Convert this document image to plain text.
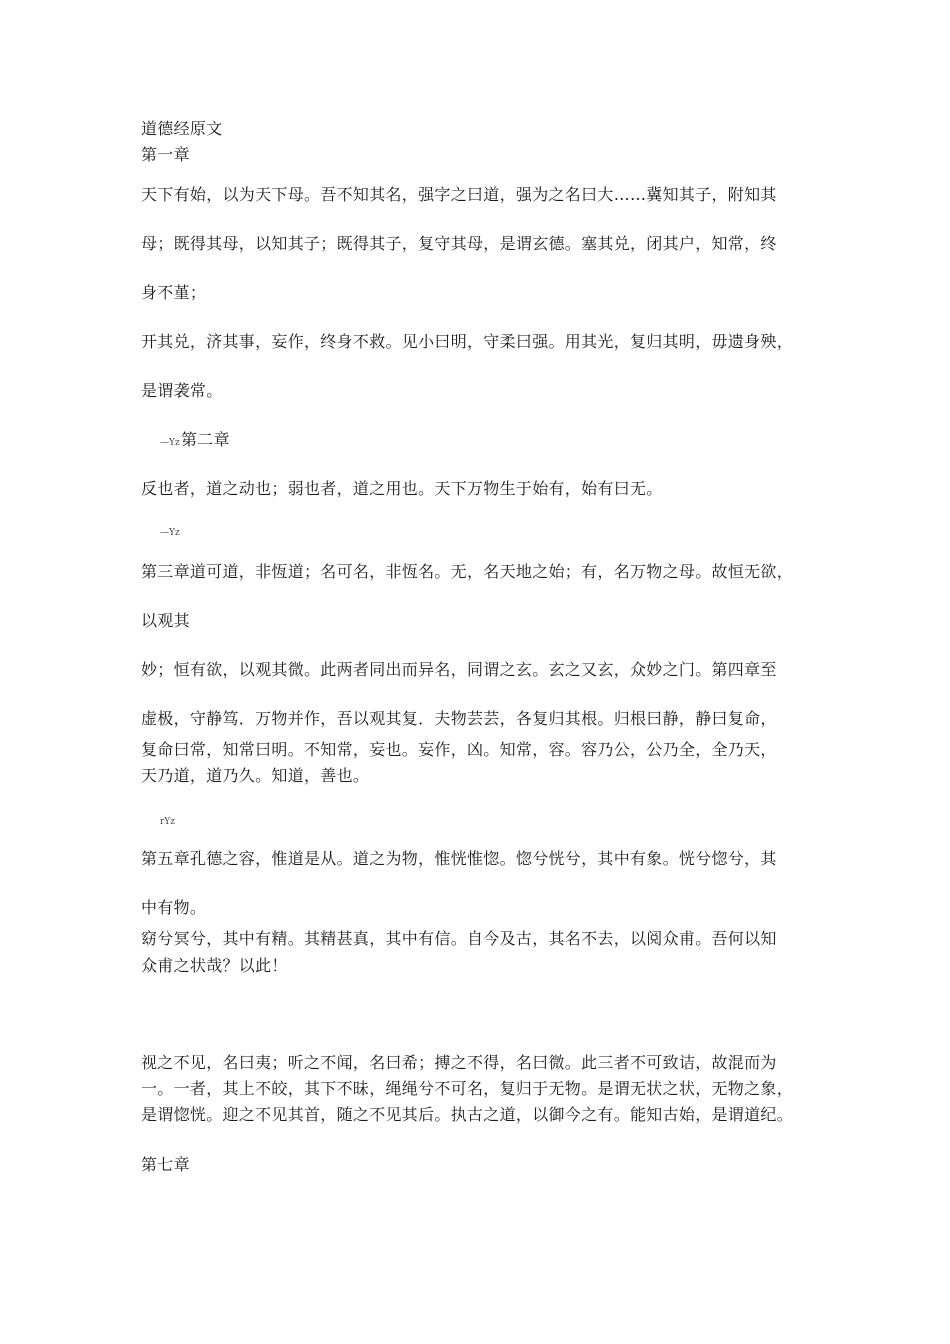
道德经原文
第一章
天下有始，以为天下母。吾不知其名，强字之曰道，强为之名曰大……冀知其子，附知其
母；既得其母，以知其子；既得其子，复守其母，是谓玄德。塞其兑，闭其户，知常，终
身不堇；
开其兑，济其事，妄作，终身不救。见小曰明，守柔曰强。用其光，复归其明，毋遗身殃，
是谓袭常。
—Yz 第二章
反也者，道之动也；弱也者，道之用也。天下万物生于始有，始有曰无。
—Yz
第三章道可道，非恆道；名可名，非恆名。无，名天地之始；有，名万物之母。故恒无欲，
以观其
妙；恒有欲，以观其微。此两者同出而异名，同谓之玄。玄之又玄，众妙之门。第四章至
虚极，守静笃．万物并作，吾以观其复．夫物芸芸，各复归其根。归根曰静，静曰复命，
复命曰常，知常曰明。不知常，妄也。妄作，凶。知常，容。容乃公，公乃全，全乃天，
天乃道，道乃久。知道，善也。
rYz
第五章孔德之容，惟道是从。道之为物，惟恍惟惚。惚兮恍兮，其中有象。恍兮惚兮，其
中有物。
窈兮冥兮，其中有精。其精甚真，其中有信。自今及古，其名不去，以阅众甫。吾何以知
众甫之状哉？以此！
视之不见，名曰夷；听之不闻，名曰希；搏之不得，名曰微。此三者不可致诘，故混而为
一。一者，其上不皎，其下不昧，绳绳兮不可名，复归于无物。是谓无状之状，无物之象，
是谓惚恍。迎之不见其首，随之不见其后。执古之道，以御今之有。能知古始，是谓道纪。
第七章
